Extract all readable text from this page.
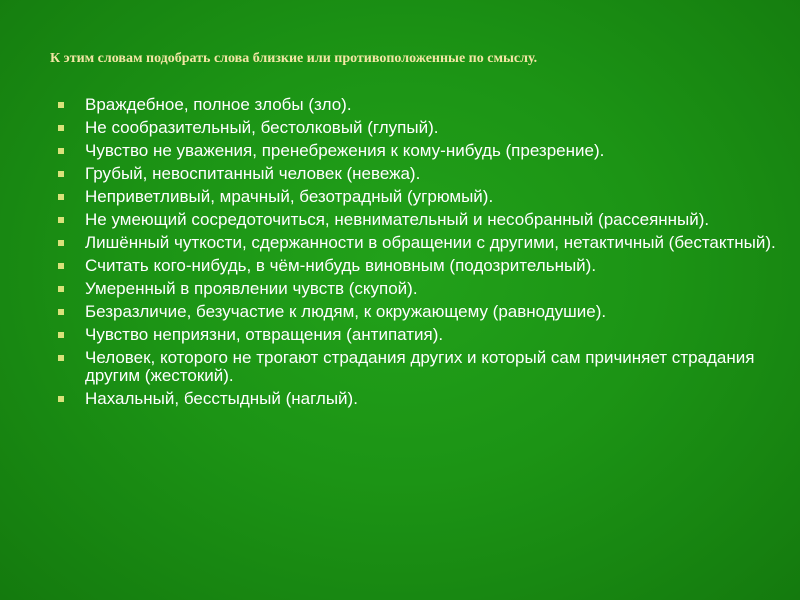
К этим словам подобрать слова близкие или противоположенные по смыслу.
Враждебное, полное злобы (зло).
Не сообразительный, бестолковый (глупый).
Чувство не уважения, пренебрежения к кому-нибудь (презрение).
Грубый, невоспитанный человек (невежа).
Неприветливый, мрачный, безотрадный (угрюмый).
Не умеющий сосредоточиться, невнимательный и несобранный (рассеянный).
Лишённый чуткости, сдержанности в обращении с другими, нетактичный (бестактный).
Считать кого-нибудь, в чём-нибудь виновным (подозрительный).
Умеренный в проявлении чувств (скупой).
Безразличие, безучастие к людям, к окружающему (равнодушие).
Чувство неприязни, отвращения (антипатия).
Человек, которого не трогают страдания других и который сам причиняет страдания другим (жестокий).
Нахальный, бесстыдный (наглый).
